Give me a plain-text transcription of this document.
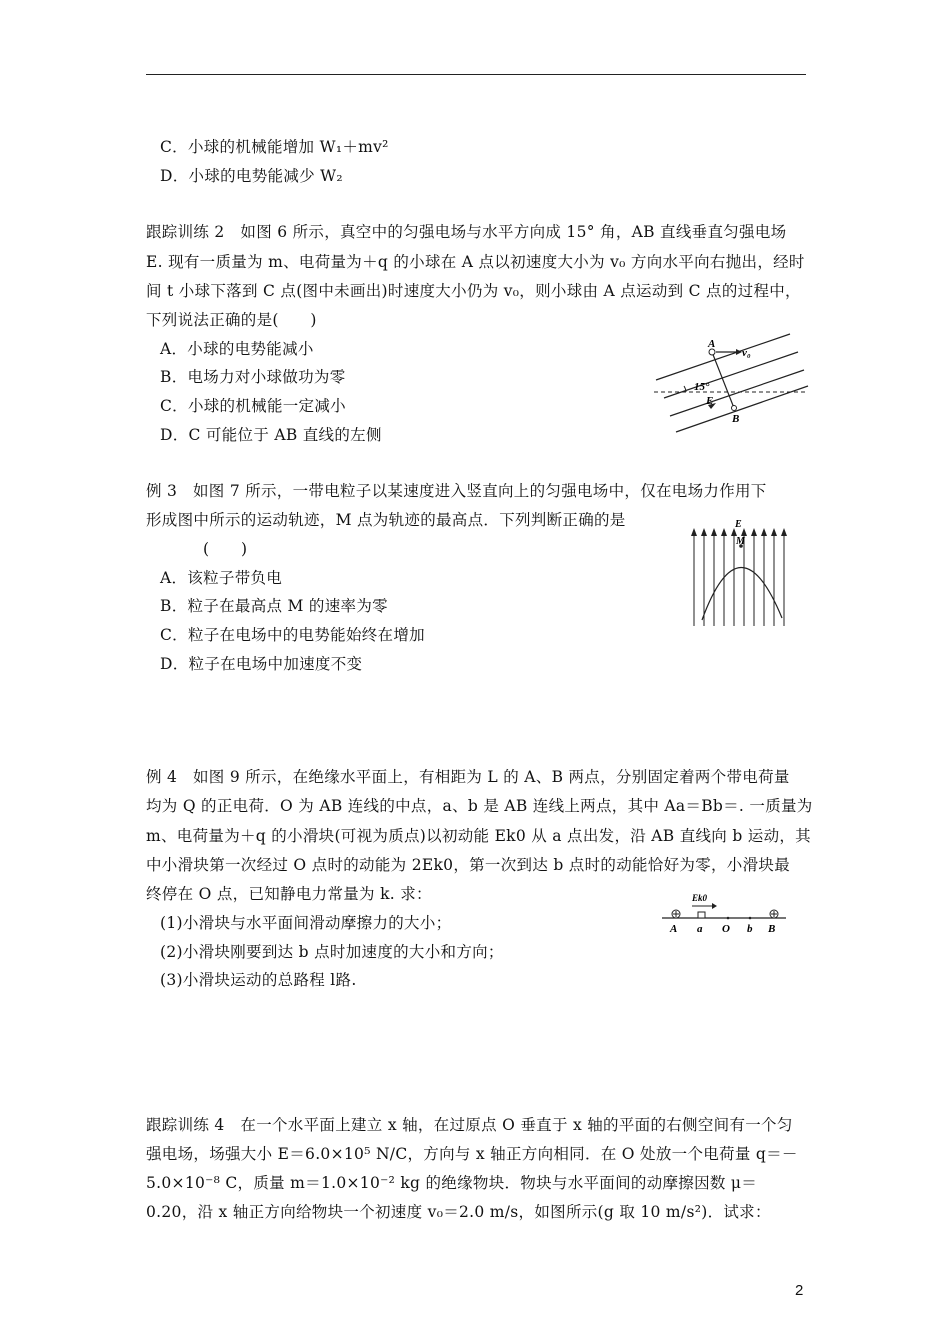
C．小球的机械能增加 W₁＋mv²
D．小球的电势能减少 W₂
跟踪训练 2　如图 6 所示，真空中的匀强电场与水平方向成 15° 角，AB 直线垂直匀强电场
E. 现有一质量为 m、电荷量为＋q 的小球在 A 点以初速度大小为 v₀ 方向水平向右抛出，经时
间 t 小球下落到 C 点(图中未画出)时速度大小仍为 v₀，则小球由 A 点运动到 C 点的过程中，
下列说法正确的是(　　)
A．小球的电势能减小
B．电场力对小球做功为零
C．小球的机械能一定减小
D．C 可能位于 AB 直线的左侧
A
v₀
15°
E
B
例 3　如图 7 所示，一带电粒子以某速度进入竖直向上的匀强电场中，仅在电场力作用下
形成图中所示的运动轨迹，M 点为轨迹的最高点．下列判断正确的是
(　　)
A．该粒子带负电
B．粒子在最高点 M 的速率为零
C．粒子在电场中的电势能始终在增加
D．粒子在电场中加速度不变
E
M
例 4　如图 9 所示，在绝缘水平面上，有相距为 L 的 A、B 两点，分别固定着两个带电荷量
均为 Q 的正电荷．O 为 AB 连线的中点，a、b 是 AB 连线上两点，其中 Aa＝Bb＝. 一质量为
m、电荷量为＋q 的小滑块(可视为质点)以初动能 Ek0 从 a 点出发，沿 AB 直线向 b 运动，其
中小滑块第一次经过 O 点时的动能为 2Ek0，第一次到达 b 点时的动能恰好为零，小滑块最
终停在 O 点，已知静电力常量为 k. 求：
(1)小滑块与水平面间滑动摩擦力的大小；
(2)小滑块刚要到达 b 点时加速度的大小和方向；
(3)小滑块运动的总路程 l路.
Ek0
A a O b B
跟踪训练 4　在一个水平面上建立 x 轴，在过原点 O 垂直于 x 轴的平面的右侧空间有一个匀
强电场，场强大小 E＝6.0×10⁵ N/C，方向与 x 轴正方向相同．在 O 处放一个电荷量 q＝－
5.0×10⁻⁸ C，质量 m＝1.0×10⁻² kg 的绝缘物块．物块与水平面间的动摩擦因数 μ＝
0.20，沿 x 轴正方向给物块一个初速度 v₀＝2.0 m/s，如图所示(g 取 10 m/s²)．试求：
2
